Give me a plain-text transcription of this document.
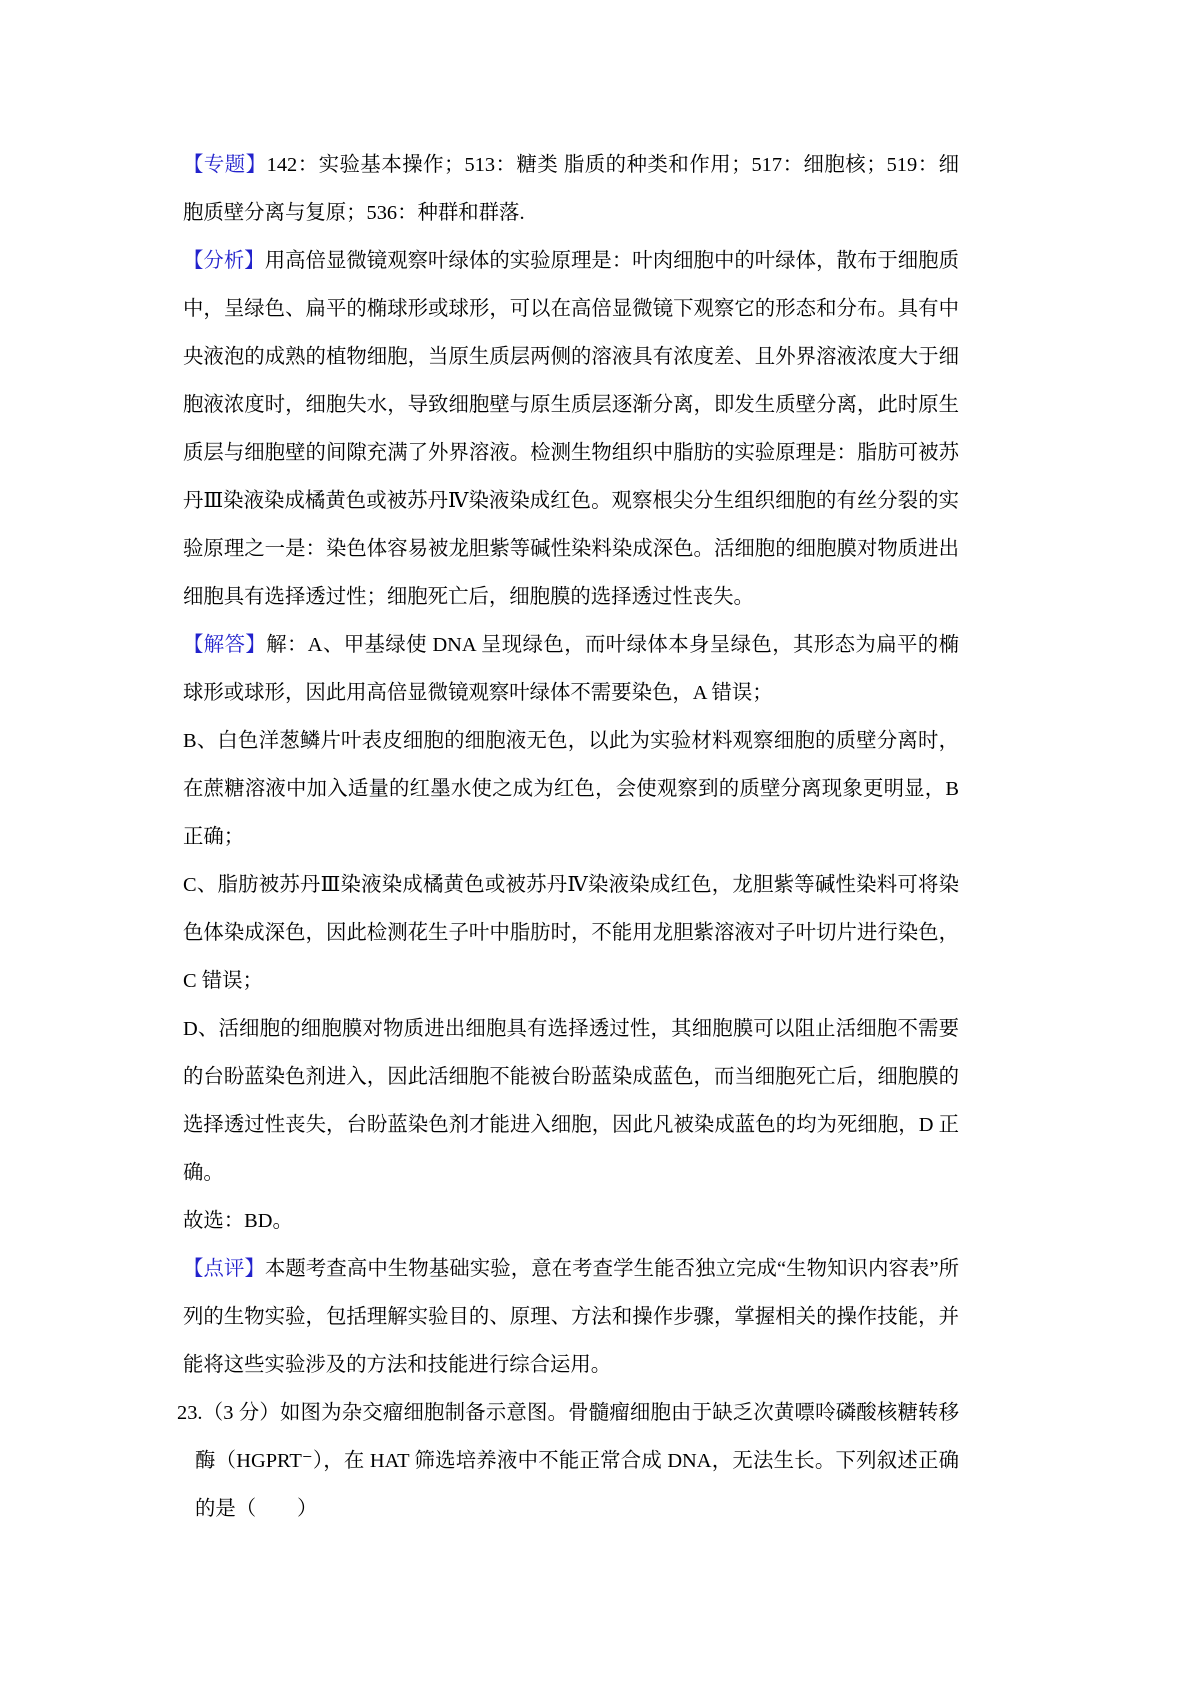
【专题】142：实验基本操作；513：糖类 脂质的种类和作用；517：细胞核；519：细胞质壁分离与复原；536：种群和群落.

【分析】用高倍显微镜观察叶绿体的实验原理是：叶肉细胞中的叶绿体，散布于细胞质中，呈绿色、扁平的椭球形或球形，可以在高倍显微镜下观察它的形态和分布。具有中央液泡的成熟的植物细胞，当原生质层两侧的溶液具有浓度差、且外界溶液浓度大于细胞液浓度时，细胞失水，导致细胞壁与原生质层逐渐分离，即发生质壁分离，此时原生质层与细胞壁的间隙充满了外界溶液。检测生物组织中脂肪的实验原理是：脂肪可被苏丹Ⅲ染液染成橘黄色或被苏丹Ⅳ染液染成红色。观察根尖分生组织细胞的有丝分裂的实验原理之一是：染色体容易被龙胆紫等碱性染料染成深色。活细胞的细胞膜对物质进出细胞具有选择透过性；细胞死亡后，细胞膜的选择透过性丧失。

【解答】解：A、甲基绿使 DNA 呈现绿色，而叶绿体本身呈绿色，其形态为扁平的椭球形或球形，因此用高倍显微镜观察叶绿体不需要染色，A 错误；

B、白色洋葱鳞片叶表皮细胞的细胞液无色，以此为实验材料观察细胞的质壁分离时，在蔗糖溶液中加入适量的红墨水使之成为红色，会使观察到的质壁分离现象更明显，B 正确；

C、脂肪被苏丹Ⅲ染液染成橘黄色或被苏丹Ⅳ染液染成红色，龙胆紫等碱性染料可将染色体染成深色，因此检测花生子叶中脂肪时，不能用龙胆紫溶液对子叶切片进行染色，C 错误；

D、活细胞的细胞膜对物质进出细胞具有选择透过性，其细胞膜可以阻止活细胞不需要的台盼蓝染色剂进入，因此活细胞不能被台盼蓝染成蓝色，而当细胞死亡后，细胞膜的选择透过性丧失，台盼蓝染色剂才能进入细胞，因此凡被染成蓝色的均为死细胞，D 正确。

故选：BD。

【点评】本题考查高中生物基础实验，意在考查学生能否独立完成“生物知识内容表”所列的生物实验，包括理解实验目的、原理、方法和操作步骤，掌握相关的操作技能，并能将这些实验涉及的方法和技能进行综合运用。

23.（3 分）如图为杂交瘤细胞制备示意图。骨髓瘤细胞由于缺乏次黄嘌呤磷酸核糖转移酶（HGPRT⁻），在 HAT 筛选培养液中不能正常合成 DNA，无法生长。下列叙述正确的是（　　）
